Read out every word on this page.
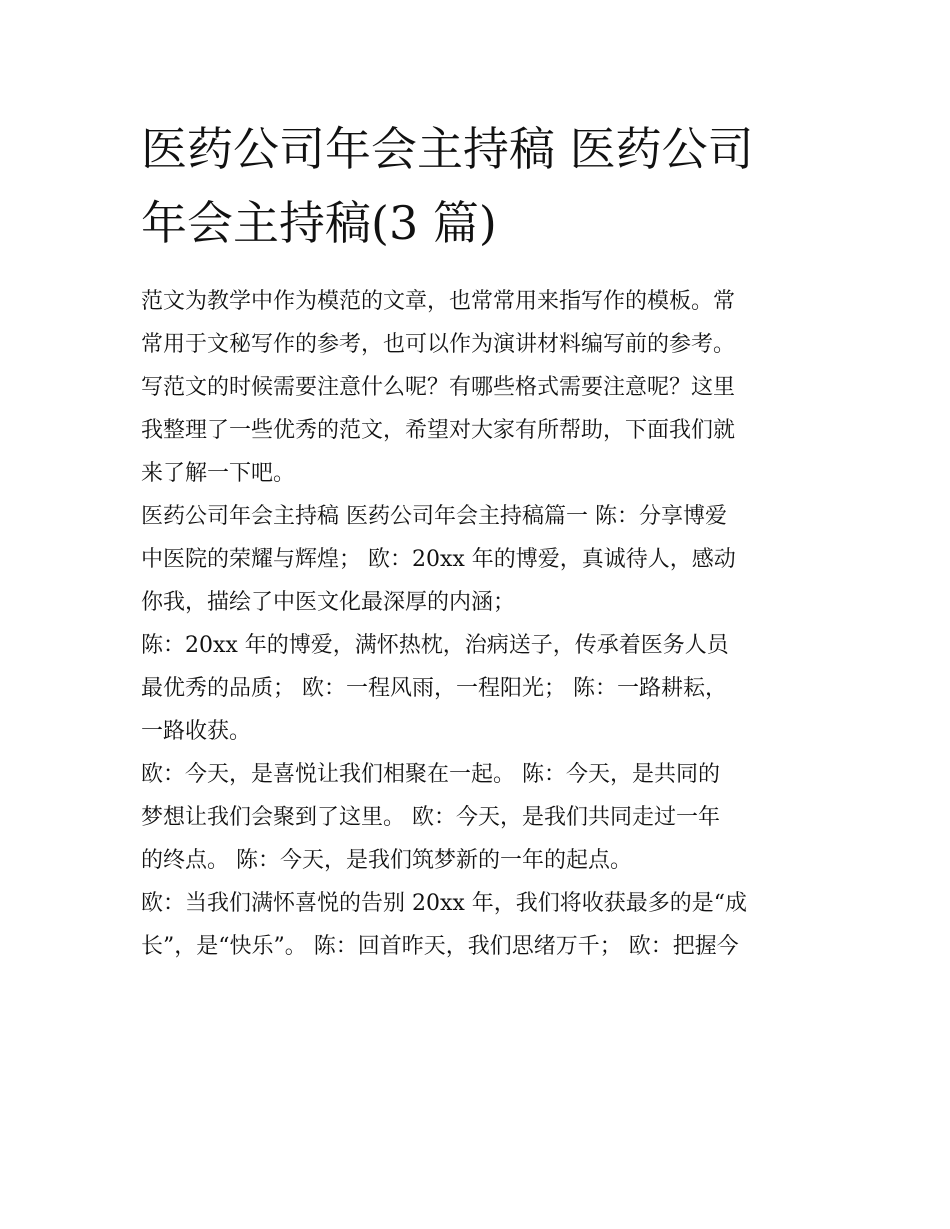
医药公司年会主持稿 医药公司
年会主持稿(3 篇)

范文为教学中作为模范的文章，也常常用来指写作的模板。常
常用于文秘写作的参考，也可以作为演讲材料编写前的参考。
写范文的时候需要注意什么呢？有哪些格式需要注意呢？这里
我整理了一些优秀的范文，希望对大家有所帮助，下面我们就
来了解一下吧。

医药公司年会主持稿 医药公司年会主持稿篇一 陈：分享博爱
中医院的荣耀与辉煌； 欧：20xx 年的博爱，真诚待人，感动
你我，描绘了中医文化最深厚的内涵；

陈：20xx 年的博爱，满怀热枕，治病送子，传承着医务人员
最优秀的品质； 欧：一程风雨，一程阳光； 陈：一路耕耘，
一路收获。

欧：今天，是喜悦让我们相聚在一起。 陈：今天，是共同的
梦想让我们会聚到了这里。 欧：今天，是我们共同走过一年
的终点。 陈：今天，是我们筑梦新的一年的起点。

欧：当我们满怀喜悦的告别 20xx 年，我们将收获最多的是“成
长”，是“快乐”。 陈：回首昨天，我们思绪万千； 欧：把握今
